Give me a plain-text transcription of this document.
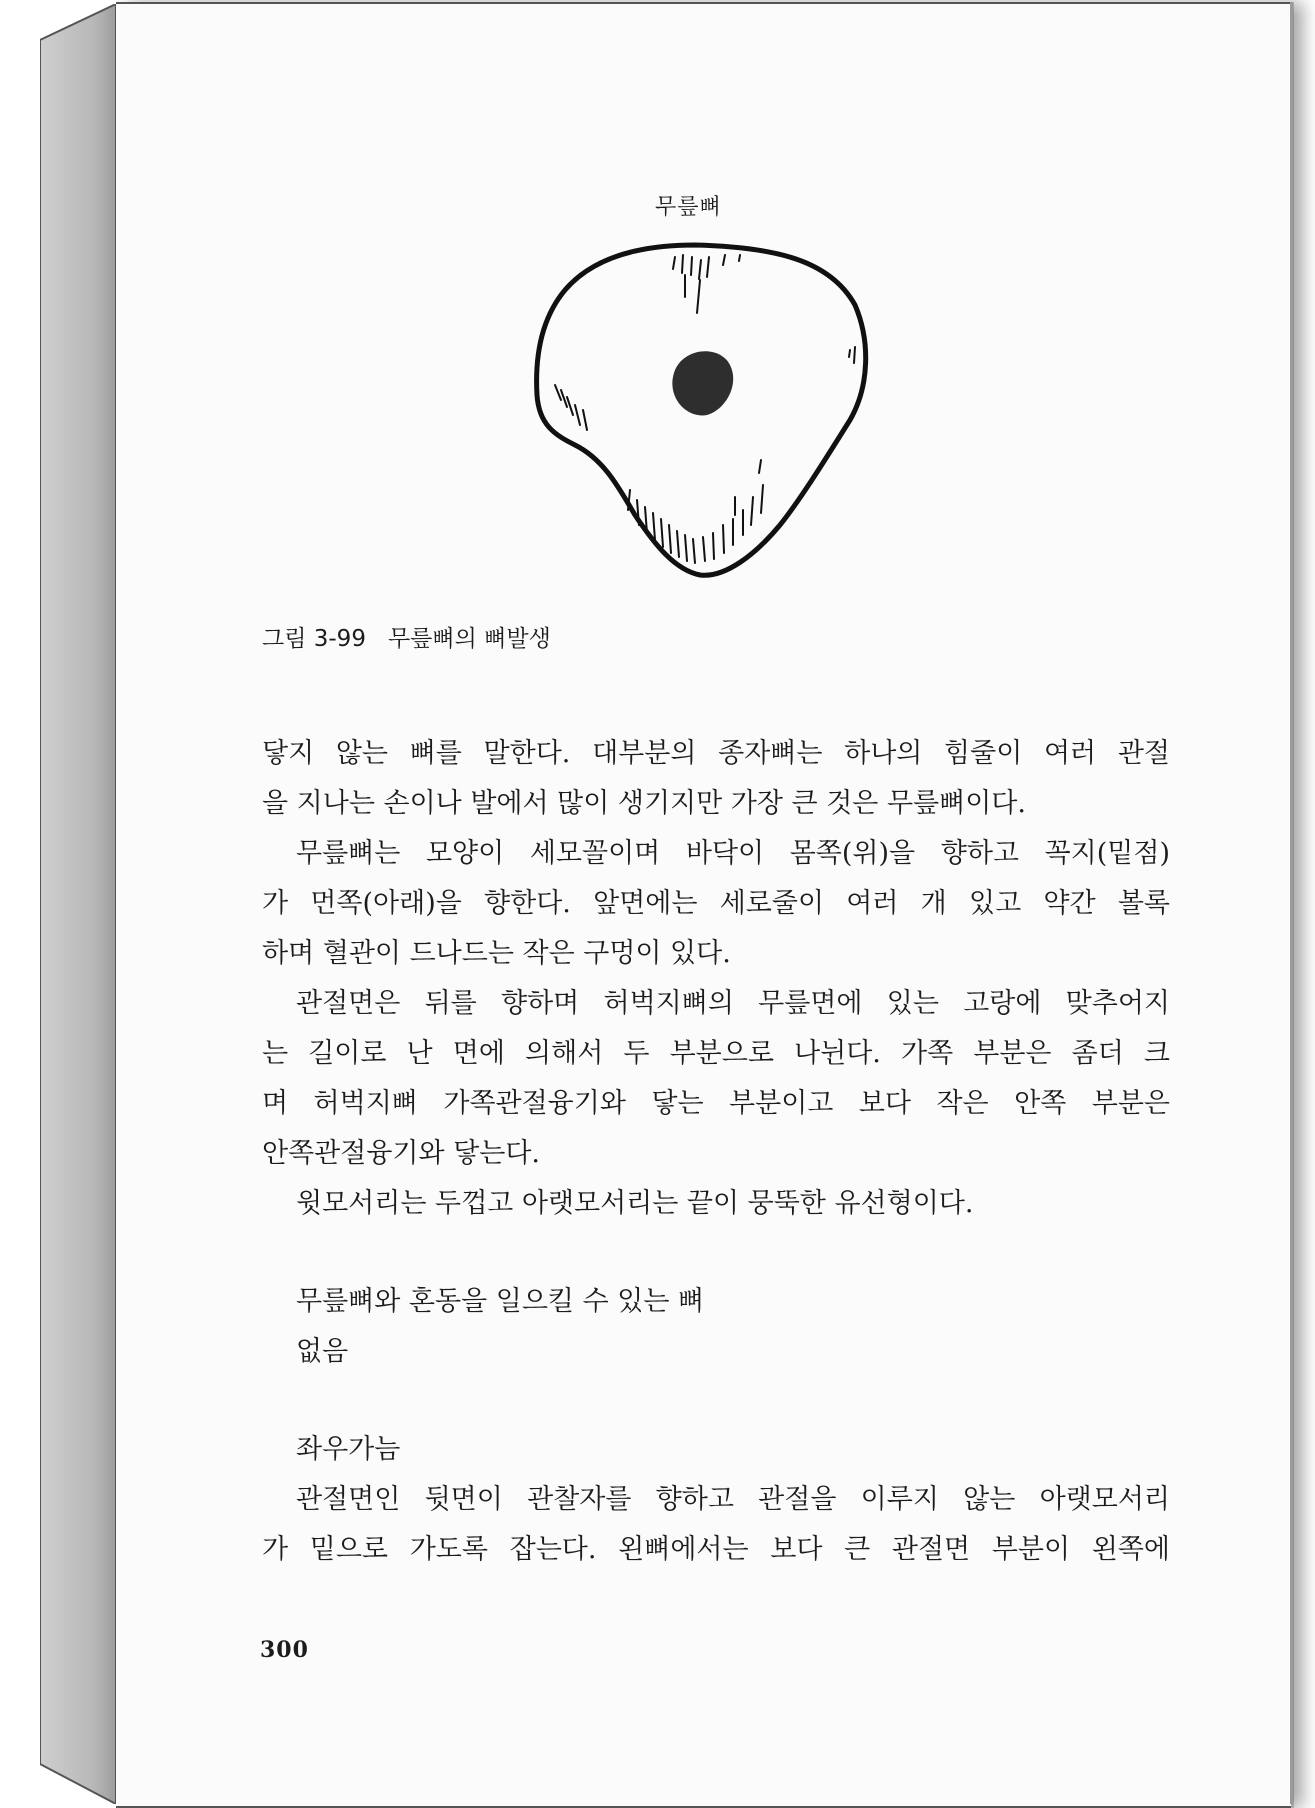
무릎뼈
그림 3-99 무릎뼈의 뼈발생
닿지 않는 뼈를 말한다. 대부분의 종자뼈는 하나의 힘줄이 여러 관절
을 지나는 손이나 발에서 많이 생기지만 가장 큰 것은 무릎뼈이다.
무릎뼈는 모양이 세모꼴이며 바닥이 몸쪽(위)을 향하고 꼭지(밑점)
가 먼쪽(아래)을 향한다. 앞면에는 세로줄이 여러 개 있고 약간 볼록
하며 혈관이 드나드는 작은 구멍이 있다.
관절면은 뒤를 향하며 허벅지뼈의 무릎면에 있는 고랑에 맞추어지
는 길이로 난 면에 의해서 두 부분으로 나뉜다. 가쪽 부분은 좀더 크
며 허벅지뼈 가쪽관절융기와 닿는 부분이고 보다 작은 안쪽 부분은
안쪽관절융기와 닿는다.
윗모서리는 두껍고 아랫모서리는 끝이 뭉뚝한 유선형이다.
무릎뼈와 혼동을 일으킬 수 있는 뼈
없음
좌우가늠
관절면인 뒷면이 관찰자를 향하고 관절을 이루지 않는 아랫모서리
가 밑으로 가도록 잡는다. 왼뼈에서는 보다 큰 관절면 부분이 왼쪽에
300
